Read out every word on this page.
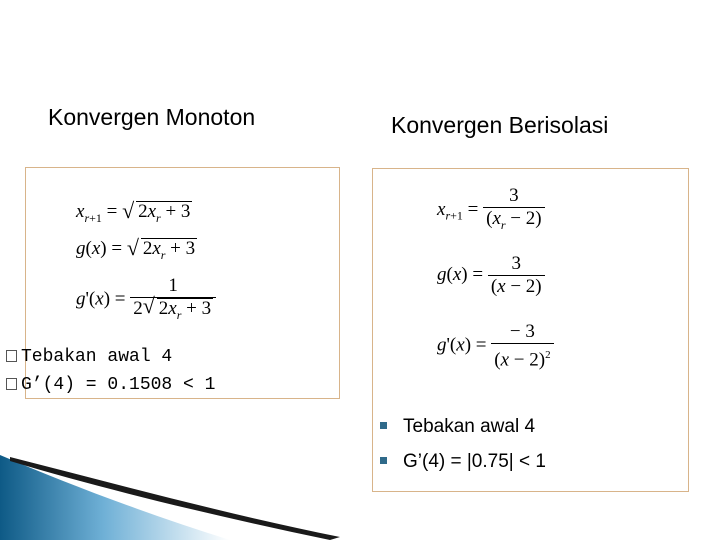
Konvergen Monoton	Konvergen Berisolasi
$x_{r+1}$ = √ $2x_r + 3$
g(x) = √ $2x_r + 3$
$g'(x) = \frac{1}{2 √ 2x_r + 3}$
Tebakan awal 4
G’(4) = 0.1508 < 1
$x_{r+1} = \frac{3}{(x_r - 2)}$
$g(x) = \frac{3}{(x - 2)}$
$g'(x) = \frac{- 3}{(x - 2)^2}$
Tebakan awal 4
G’(4) = |0.75| < 1
